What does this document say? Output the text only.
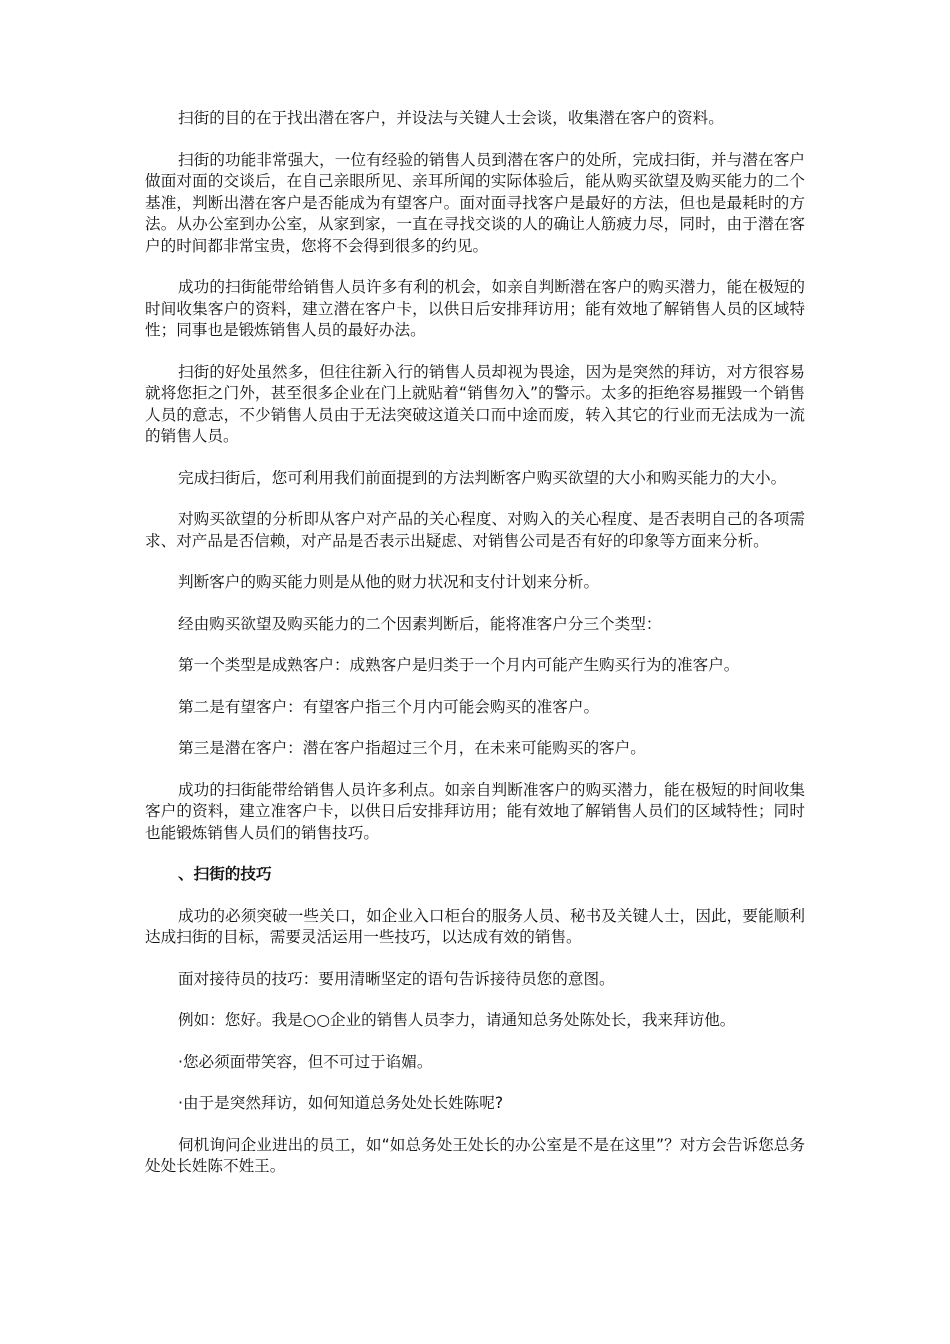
扫街的目的在于找出潜在客户，并设法与关键人士会谈，收集潜在客户的资料。

扫街的功能非常强大，一位有经验的销售人员到潜在客户的处所，完成扫街，并与潜在客户做面对面的交谈后，在自己亲眼所见、亲耳所闻的实际体验后，能从购买欲望及购买能力的二个基准，判断出潜在客户是否能成为有望客户。面对面寻找客户是最好的方法，但也是最耗时的方法。从办公室到办公室，从家到家，一直在寻找交谈的人的确让人筋疲力尽，同时，由于潜在客户的时间都非常宝贵，您将不会得到很多的约见。

成功的扫街能带给销售人员许多有利的机会，如亲自判断潜在客户的购买潜力，能在极短的时间收集客户的资料，建立潜在客户卡，以供日后安排拜访用；能有效地了解销售人员的区域特性；同事也是锻炼销售人员的最好办法。

扫街的好处虽然多，但往往新入行的销售人员却视为畏途，因为是突然的拜访，对方很容易就将您拒之门外，甚至很多企业在门上就贴着“销售勿入”的警示。太多的拒绝容易摧毁一个销售人员的意志，不少销售人员由于无法突破这道关口而中途而废，转入其它的行业而无法成为一流的销售人员。

完成扫街后，您可利用我们前面提到的方法判断客户购买欲望的大小和购买能力的大小。

对购买欲望的分析即从客户对产品的关心程度、对购入的关心程度、是否表明自己的各项需求、对产品是否信赖，对产品是否表示出疑虑、对销售公司是否有好的印象等方面来分析。

判断客户的购买能力则是从他的财力状况和支付计划来分析。

经由购买欲望及购买能力的二个因素判断后，能将准客户分三个类型：

第一个类型是成熟客户：成熟客户是归类于一个月内可能产生购买行为的准客户。

第二是有望客户：有望客户指三个月内可能会购买的准客户。

第三是潜在客户：潜在客户指超过三个月，在未来可能购买的客户。

成功的扫街能带给销售人员许多利点。如亲自判断准客户的购买潜力，能在极短的时间收集客户的资料，建立准客户卡，以供日后安排拜访用；能有效地了解销售人员们的区域特性；同时也能锻炼销售人员们的销售技巧。

、扫街的技巧

成功的必须突破一些关口，如企业入口柜台的服务人员、秘书及关键人士，因此，要能顺利达成扫街的目标，需要灵活运用一些技巧，以达成有效的销售。

面对接待员的技巧：要用清晰坚定的语句告诉接待员您的意图。

例如：您好。我是○○企业的销售人员李力，请通知总务处陈处长，我来拜访他。

·您必须面带笑容，但不可过于谄媚。

·由于是突然拜访，如何知道总务处处长姓陈呢?

伺机询问企业进出的员工，如“如总务处王处长的办公室是不是在这里”？对方会告诉您总务处处长姓陈不姓王。
